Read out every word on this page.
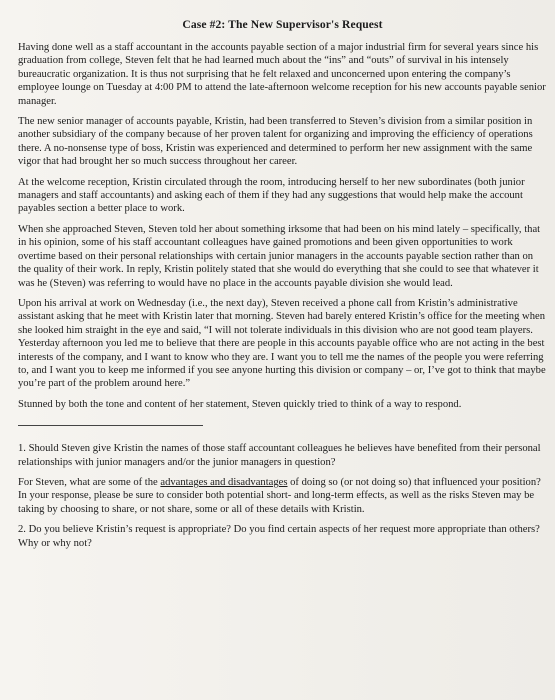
Case #2: The New Supervisor's Request

Having done well as a staff accountant in the accounts payable section of a major industrial firm for several years since his graduation from college, Steven felt that he had learned much about the “ins” and “outs” of survival in his intensely bureaucratic organization. It is thus not surprising that he felt relaxed and unconcerned upon entering the company’s employee lounge on Tuesday at 4:00 PM to attend the late-afternoon welcome reception for his new accounts payable senior manager.

The new senior manager of accounts payable, Kristin, had been transferred to Steven’s division from a similar position in another subsidiary of the company because of her proven talent for organizing and improving the efficiency of operations there. A no-nonsense type of boss, Kristin was experienced and determined to perform her new assignment with the same vigor that had brought her so much success throughout her career.

At the welcome reception, Kristin circulated through the room, introducing herself to her new subordinates (both junior managers and staff accountants) and asking each of them if they had any suggestions that would help make the account payables section a better place to work.

When she approached Steven, Steven told her about something irksome that had been on his mind lately – specifically, that in his opinion, some of his staff accountant colleagues have gained promotions and been given opportunities to work overtime based on their personal relationships with certain junior managers in the accounts payable section rather than on the quality of their work. In reply, Kristin politely stated that she would do everything that she could to see that whatever it was he (Steven) was referring to would have no place in the accounts payable division she would lead.

Upon his arrival at work on Wednesday (i.e., the next day), Steven received a phone call from Kristin’s administrative assistant asking that he meet with Kristin later that morning. Steven had barely entered Kristin’s office for the meeting when she looked him straight in the eye and said, “I will not tolerate individuals in this division who are not good team players. Yesterday afternoon you led me to believe that there are people in this accounts payable office who are not acting in the best interests of the company, and I want to know who they are. I want you to tell me the names of the people you were referring to, and I want you to keep me informed if you see anyone hurting this division or company – or, I’ve got to think that maybe you’re part of the problem around here.”

Stunned by both the tone and content of her statement, Steven quickly tried to think of a way to respond.

1. Should Steven give Kristin the names of those staff accountant colleagues he believes have benefited from their personal relationships with junior managers and/or the junior managers in question?

For Steven, what are some of the advantages and disadvantages of doing so (or not doing so) that influenced your position? In your response, please be sure to consider both potential short- and long-term effects, as well as the risks Steven may be taking by choosing to share, or not share, some or all of these details with Kristin.

2. Do you believe Kristin’s request is appropriate? Do you find certain aspects of her request more appropriate than others? Why or why not?
